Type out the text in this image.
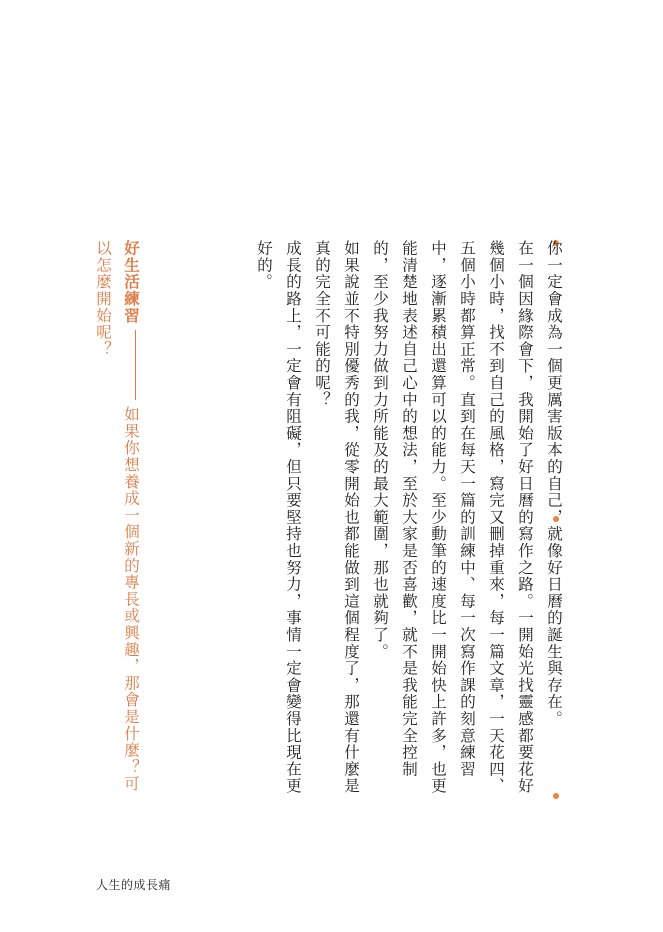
你一定會成為一個更厲害版本的自己，就像好日曆的誕生與存在。

在一個因緣際會下，我開始了好日曆的寫作之路。一開始光找靈感都要花好幾個小時，找不到自己的風格，寫完又刪掉重來，每一篇文章，一天花四、五個小時都算正常。直到在每天一篇的訓練中、每一次寫作課的刻意練習中，逐漸累積出還算可以的能力。至少動筆的速度比一開始快上許多，也更能清楚地表述自己心中的想法，至於大家是否喜歡，就不是我能完全控制的，至少我努力做到力所能及的最大範圍，那也就夠了。

如果說並不特別優秀的我，從零開始也都能做到這個程度了，那還有什麼是真的完全不可能的呢？

成長的路上，一定會有阻礙，但只要堅持也努力，事情一定會變得比現在更好的。

好生活練習如果你想養成一個新的專長或興趣，那會是什麼？可以怎麼開始呢？
人生的成長痛
